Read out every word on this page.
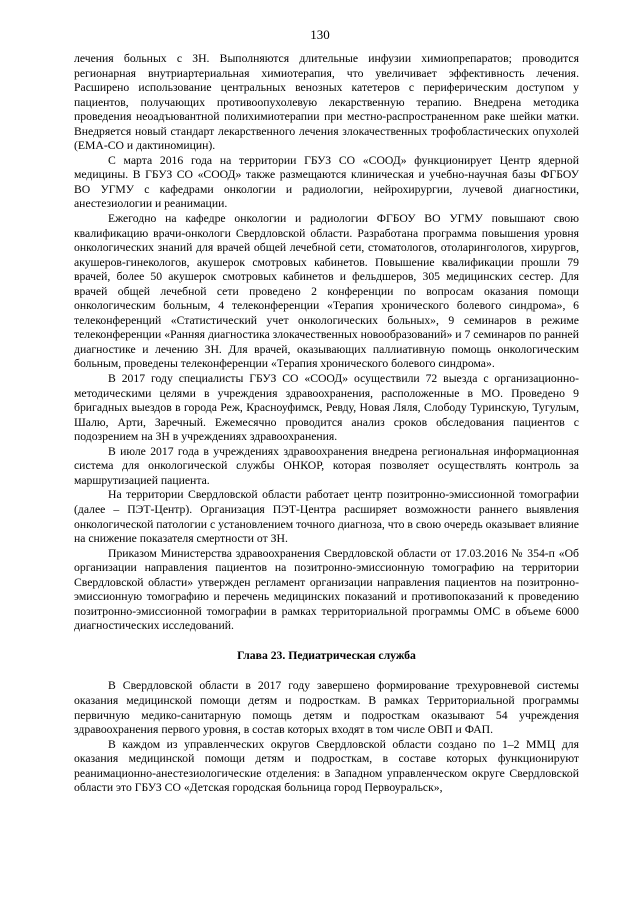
130

лечения больных с ЗН. Выполняются длительные инфузии химиопрепаратов; проводится регионарная внутриартериальная химиотерапия, что увеличивает эффективность лечения. Расширено использование центральных венозных катетеров с периферическим доступом у пациентов, получающих противоопухолевую лекарственную терапию. Внедрена методика проведения неоадъювантной полихимиотерапии при местно-распространенном раке шейки матки. Внедряется новый стандарт лекарственного лечения злокачественных трофобластических опухолей (ЕМА-СО и дактиномицин).

С марта 2016 года на территории ГБУЗ СО «СООД» функционирует Центр ядерной медицины. В ГБУЗ СО «СООД» также размещаются клиническая и учебно-научная базы ФГБОУ ВО УГМУ с кафедрами онкологии и радиологии, нейрохирургии, лучевой диагностики, анестезиологии и реанимации.

Ежегодно на кафедре онкологии и радиологии ФГБОУ ВО УГМУ повышают свою квалификацию врачи-онкологи Свердловской области. Разработана программа повышения уровня онкологических знаний для врачей общей лечебной сети, стоматологов, отоларингологов, хирургов, акушеров-гинекологов, акушерок смотровых кабинетов. Повышение квалификации прошли 79 врачей, более 50 акушерок смотровых кабинетов и фельдшеров, 305 медицинских сестер. Для врачей общей лечебной сети проведено 2 конференции по вопросам оказания помощи онкологическим больным, 4 телеконференции «Терапия хронического болевого синдрома», 6 телеконференций «Статистический учет онкологических больных», 9 семинаров в режиме телеконференции «Ранняя диагностика злокачественных новообразований» и 7 семинаров по ранней диагностике и лечению ЗН. Для врачей, оказывающих паллиативную помощь онкологическим больным, проведены телеконференции «Терапия хронического болевого синдрома».

В 2017 году специалисты ГБУЗ СО «СООД» осуществили 72 выезда с организационно-методическими целями в учреждения здравоохранения, расположенные в МО. Проведено 9 бригадных выездов в города Реж, Красноуфимск, Ревду, Новая Ляля, Слободу Туринскую, Тугулым, Шалю, Арти, Заречный. Ежемесячно проводится анализ сроков обследования пациентов с подозрением на ЗН в учреждениях здравоохранения.

В июле 2017 года в учреждениях здравоохранения внедрена региональная информационная система для онкологической службы ОНКОР, которая позволяет осуществлять контроль за маршрутизацией пациента.

На территории Свердловской области работает центр позитронно-эмиссионной томографии (далее – ПЭТ-Центр). Организация ПЭТ-Центра расширяет возможности раннего выявления онкологической патологии с установлением точного диагноза, что в свою очередь оказывает влияние на снижение показателя смертности от ЗН.

Приказом Министерства здравоохранения Свердловской области от 17.03.2016 № 354-п «Об организации направления пациентов на позитронно-эмиссионную томографию на территории Свердловской области» утвержден регламент организации направления пациентов на позитронно-эмиссионную томографию и перечень медицинских показаний и противопоказаний к проведению позитронно-эмиссионной томографии в рамках территориальной программы ОМС в объеме 6000 диагностических исследований.

Глава 23. Педиатрическая служба

В Свердловской области в 2017 году завершено формирование трехуровневой системы оказания медицинской помощи детям и подросткам. В рамках Территориальной программы первичную медико-санитарную помощь детям и подросткам оказывают 54 учреждения здравоохранения первого уровня, в состав которых входят в том числе ОВП и ФАП.

В каждом из управленческих округов Свердловской области создано по 1–2 ММЦ для оказания медицинской помощи детям и подросткам, в составе которых функционируют реанимационно-анестезиологические отделения: в Западном управленческом округе Свердловской области это ГБУЗ СО «Детская городская больница город Первоуральск»,
